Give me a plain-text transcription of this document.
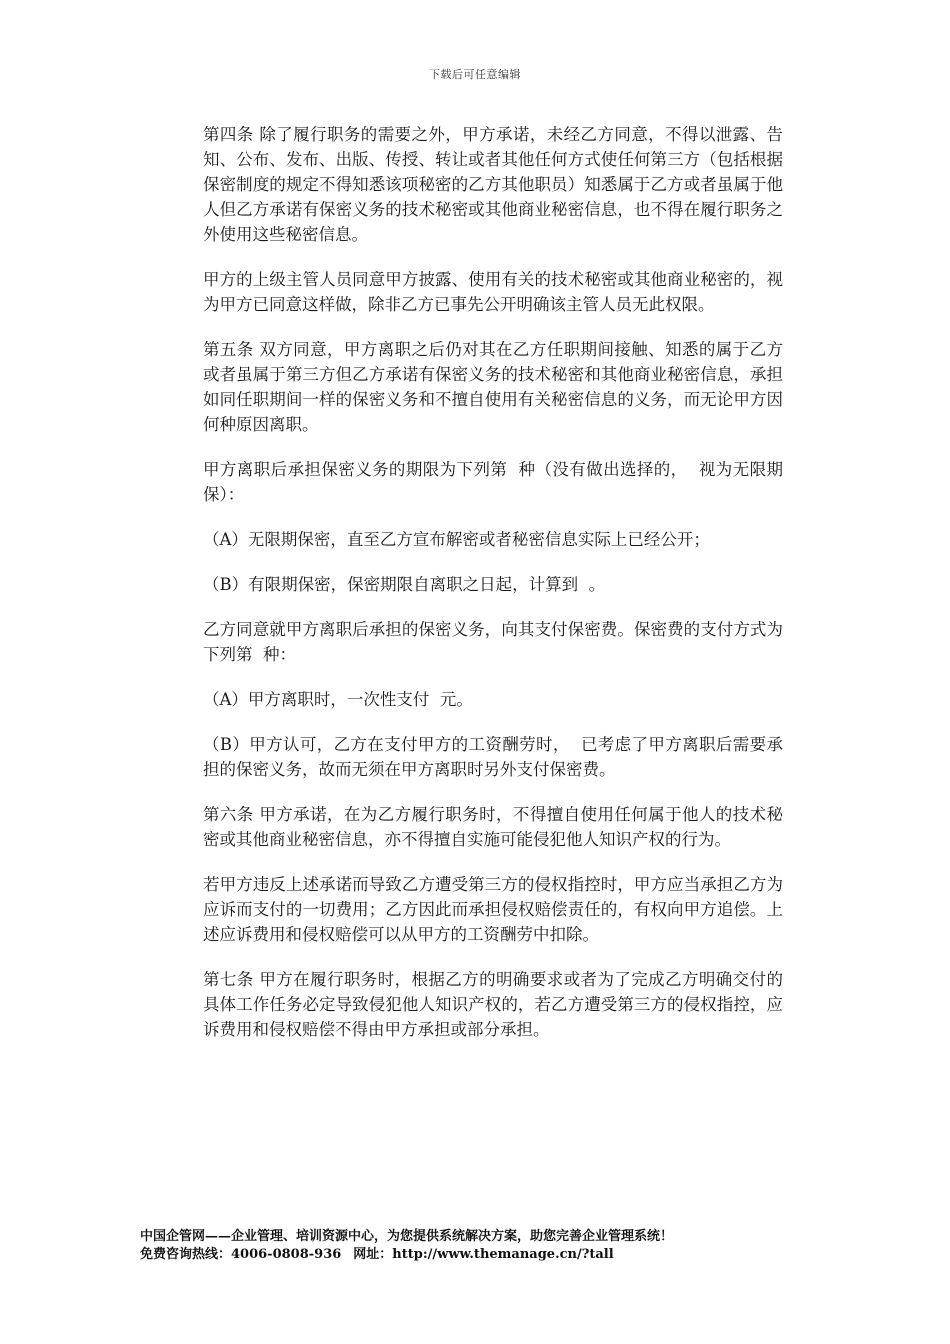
下载后可任意编辑

第四条 除了履行职务的需要之外，甲方承诺，未经乙方同意，不得以泄露、告知、公布、发布、出版、传授、转让或者其他任何方式使任何第三方（包括根据保密制度的规定不得知悉该项秘密的乙方其他职员）知悉属于乙方或者虽属于他人但乙方承诺有保密义务的技术秘密或其他商业秘密信息，也不得在履行职务之外使用这些秘密信息。

甲方的上级主管人员同意甲方披露、使用有关的技术秘密或其他商业秘密的，视为甲方已同意这样做，除非乙方已事先公开明确该主管人员无此权限。

第五条 双方同意，甲方离职之后仍对其在乙方任职期间接触、知悉的属于乙方或者虽属于第三方但乙方承诺有保密义务的技术秘密和其他商业秘密信息，承担如同任职期间一样的保密义务和不擅自使用有关秘密信息的义务，而无论甲方因何种原因离职。

甲方离职后承担保密义务的期限为下列第  种（没有做出选择的，  视为无限期保）：

（A）无限期保密，直至乙方宣布解密或者秘密信息实际上已经公开；

（B）有限期保密，保密期限自离职之日起，计算到  。

乙方同意就甲方离职后承担的保密义务，向其支付保密费。保密费的支付方式为下列第  种：

（A）甲方离职时，一次性支付  元。

（B）甲方认可，乙方在支付甲方的工资酬劳时，  已考虑了甲方离职后需要承担的保密义务，故而无须在甲方离职时另外支付保密费。

第六条 甲方承诺，在为乙方履行职务时，不得擅自使用任何属于他人的技术秘密或其他商业秘密信息，亦不得擅自实施可能侵犯他人知识产权的行为。

若甲方违反上述承诺而导致乙方遭受第三方的侵权指控时，甲方应当承担乙方为应诉而支付的一切费用；乙方因此而承担侵权赔偿责任的，有权向甲方追偿。上述应诉费用和侵权赔偿可以从甲方的工资酬劳中扣除。

第七条 甲方在履行职务时，根据乙方的明确要求或者为了完成乙方明确交付的具体工作任务必定导致侵犯他人知识产权的，若乙方遭受第三方的侵权指控，应诉费用和侵权赔偿不得由甲方承担或部分承担。

中国企管网——企业管理、培训资源中心，为您提供系统解决方案，助您完善企业管理系统！
免费咨询热线：4006-0808-936 网址：http://www.themanage.cn/?tall
